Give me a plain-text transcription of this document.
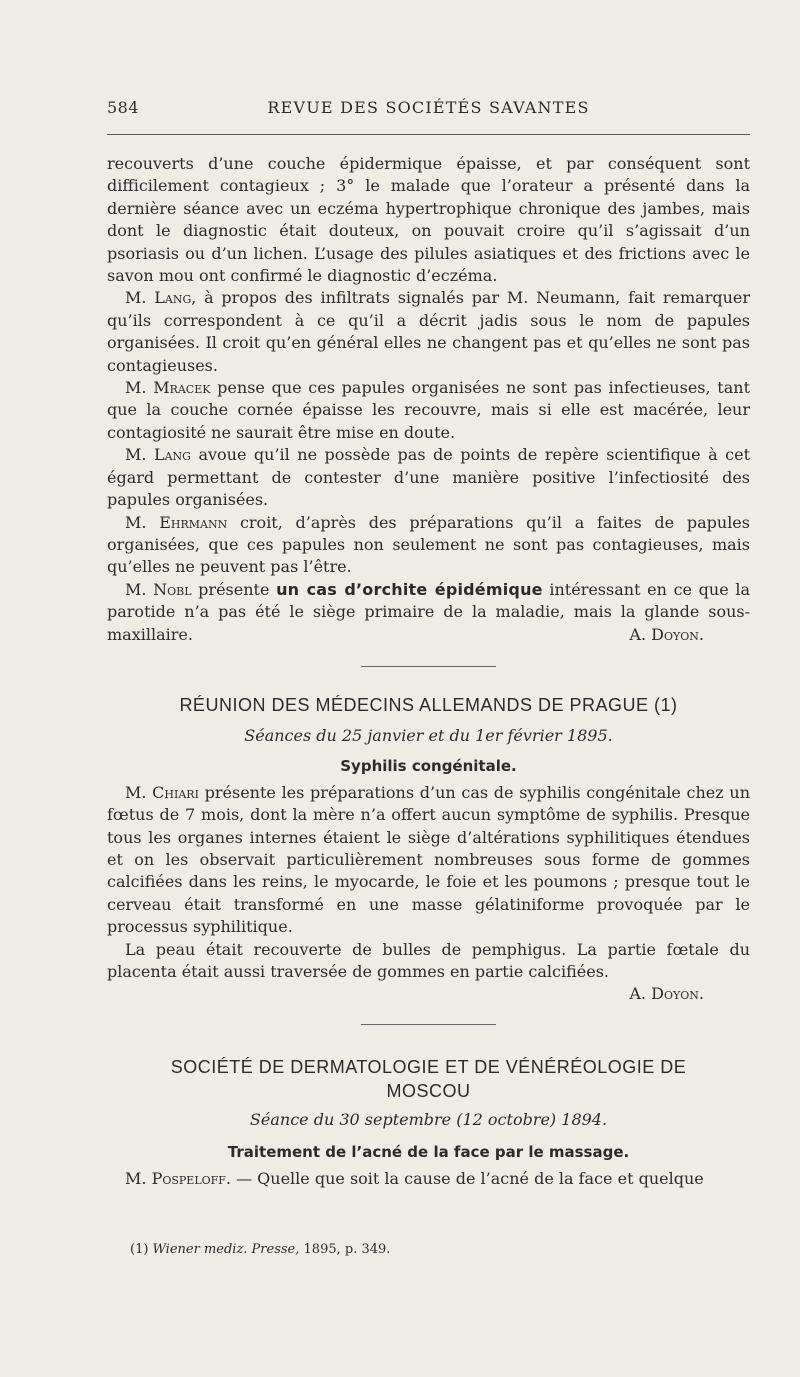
584	REVUE DES SOCIÉTÉS SAVANTES

recouverts d’une couche épidermique épaisse, et par conséquent sont difficilement contagieux ; 3° le malade que l’orateur a présenté dans la dernière séance avec un eczéma hypertrophique chronique des jambes, mais dont le diagnostic était douteux, on pouvait croire qu’il s’agissait d’un psoriasis ou d’un lichen. L’usage des pilules asiatiques et des frictions avec le savon mou ont confirmé le diagnostic d’eczéma.

M. Lang, à propos des infiltrats signalés par M. Neumann, fait remarquer qu’ils correspondent à ce qu’il a décrit jadis sous le nom de papules organisées. Il croit qu’en général elles ne changent pas et qu’elles ne sont pas contagieuses.

M. Mracek pense que ces papules organisées ne sont pas infectieuses, tant que la couche cornée épaisse les recouvre, mais si elle est macérée, leur contagiosité ne saurait être mise en doute.

M. Lang avoue qu’il ne possède pas de points de repère scientifique à cet égard permettant de contester d’une manière positive l’infectiosité des papules organisées.

M. Ehrmann croit, d’après des préparations qu’il a faites de papules organisées, que ces papules non seulement ne sont pas contagieuses, mais qu’elles ne peuvent pas l’être.

M. Nobl présente un cas d’orchite épidémique intéressant en ce que la parotide n’a pas été le siège primaire de la maladie, mais la glande sous-maxillaire.	A. Doyon.

RÉUNION DES MÉDECINS ALLEMANDS DE PRAGUE (1)
Séances du 25 janvier et du 1er février 1895.
Syphilis congénitale.

M. Chiari présente les préparations d’un cas de syphilis congénitale chez un fœtus de 7 mois, dont la mère n’a offert aucun symptôme de syphilis. Presque tous les organes internes étaient le siège d’altérations syphilitiques étendues et on les observait particulièrement nombreuses sous forme de gommes calcifiées dans les reins, le myocarde, le foie et les poumons ; presque tout le cerveau était transformé en une masse gélatiniforme provoquée par le processus syphilitique.

La peau était recouverte de bulles de pemphigus. La partie fœtale du placenta était aussi traversée de gommes en partie calcifiées.

A. Doyon.

SOCIÉTÉ DE DERMATOLOGIE ET DE VÉNÉRÉOLOGIE DE
MOSCOU
Séance du 30 septembre (12 octobre) 1894.
Traitement de l’acné de la face par le massage.

M. Pospeloff. — Quelle que soit la cause de l’acné de la face et quelque

(1) Wiener mediz. Presse, 1895, p. 349.
